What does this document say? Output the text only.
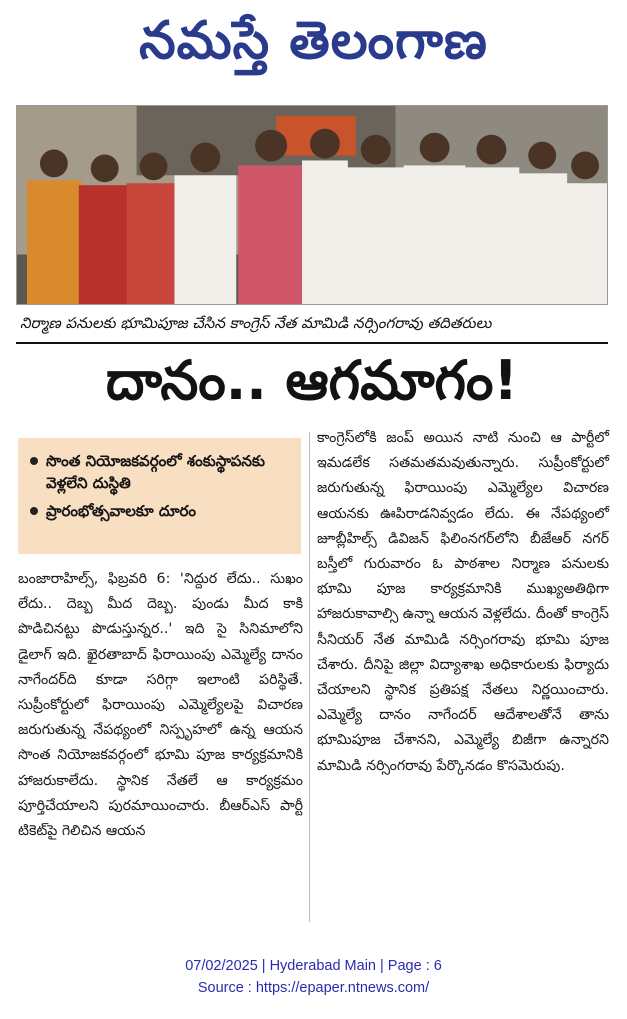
నమస్తే తెలంగాణ
నిర్మాణ పనులకు భూమిపూజ చేసిన కాంగ్రెస్ నేత మామిడి నర్సింగరావు తదితరులు
దానం.. ఆగమాగం!
సొంత నియోజకవర్గంలో శంకుస్థాపనకు వెళ్లలేని దుస్థితి
ప్రారంభోత్సవాలకూ దూరం

బంజారాహిల్స్, ఫిబ్రవరి 6: 'నిద్దుర లేదు.. సుఖం లేదు.. దెబ్బ మీద దెబ్బ. పుండు మీద కాకి పొడిచినట్టు పొడుస్తున్నర..' ఇది సై సినిమాలోని డైలాగ్ ఇది. ఖైరతాబాద్ ఫిరాయింపు ఎమ్మెల్యే దానం నాగేందర్‌ది కూడా సరిగ్గా ఇలాంటి పరిస్థితే. సుప్రీంకోర్టులో ఫిరాయింపు ఎమ్మెల్యేలపై విచారణ జరుగుతున్న నేపథ్యంలో నిస్పృహలో ఉన్న ఆయన సొంత నియోజకవర్గంలో భూమి పూజ కార్యక్రమానికి హాజరుకాలేదు. స్థానిక నేతలే ఆ కార్యక్రమం పూర్తిచేయాలని పురమాయించారు. బీఆర్‌ఎస్ పార్టీ టికెట్‌పై గెలిచిన ఆయన

కాంగ్రెస్‌లోకి జంప్ అయిన నాటి నుంచి ఆ పార్టీలో ఇమడలేక సతమతమవుతున్నారు. సుప్రీంకోర్టులో జరుగుతున్న ఫిరాయింపు ఎమ్మెల్యేల విచారణ ఆయనకు ఊపిరాడనివ్వడం లేదు. ఈ నేపథ్యంలో జూబ్లీహిల్స్ డివిజన్ ఫిలింనగర్‌లోని బీజేఆర్ నగర్ బస్తీలో గురువారం ఓ పాఠశాల నిర్మాణ పనులకు భూమి పూజ కార్యక్రమానికి ముఖ్యఅతిథిగా హాజరుకావాల్సి ఉన్నా ఆయన వెళ్లలేదు. దీంతో కాంగ్రెస్ సీనియర్ నేత మామిడి నర్సింగరావు భూమి పూజ చేశారు. దీనిపై జిల్లా విద్యాశాఖ అధికారులకు ఫిర్యాదు చేయాలని స్థానిక ప్రతిపక్ష నేతలు నిర్ణయించారు. ఎమ్మెల్యే దానం నాగేందర్ ఆదేశాలతోనే తాను భూమిపూజ చేశానని, ఎమ్మెల్యే బిజీగా ఉన్నారని మామిడి నర్సింగరావు పేర్కొనడం కొసమెరుపు.

07/02/2025 | Hyderabad Main | Page : 6
Source : https://epaper.ntnews.com/
